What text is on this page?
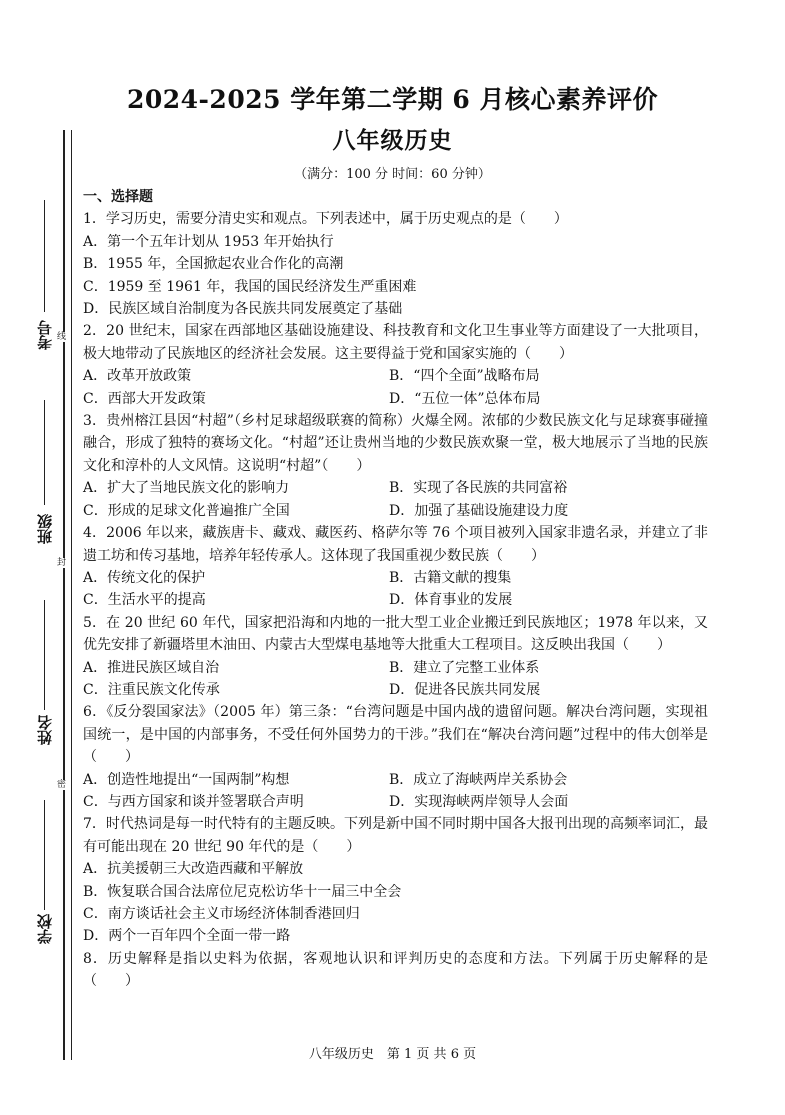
2024-2025 学年第二学期 6 月核心素养评价
八年级历史

（满分：100 分 时间：60 分钟）

考号
班级
姓名
学校
线
封
密

一、选择题

1．学习历史，需要分清史实和观点。下列表述中，属于历史观点的是（　　）

A．第一个五年计划从 1953 年开始执行

B．1955 年，全国掀起农业合作化的高潮

C．1959 至 1961 年，我国的国民经济发生严重困难

D．民族区域自治制度为各民族共同发展奠定了基础

2．20 世纪末，国家在西部地区基础设施建设、科技教育和文化卫生事业等方面建设了一大批项目，极大地带动了民族地区的经济社会发展。这主要得益于党和国家实施的（　　）

A．改革开放政策	B．“四个全面”战略布局

C．西部大开发政策	D．“五位一体”总体布局

3．贵州榕江县因“村超”（乡村足球超级联赛的简称）火爆全网。浓郁的少数民族文化与足球赛事碰撞融合，形成了独特的赛场文化。“村超”还让贵州当地的少数民族欢聚一堂，极大地展示了当地的民族文化和淳朴的人文风情。这说明“村超”（　　）

A．扩大了当地民族文化的影响力	B．实现了各民族的共同富裕

C．形成的足球文化普遍推广全国	D．加强了基础设施建设力度

4．2006 年以来，藏族唐卡、藏戏、藏医药、格萨尔等 76 个项目被列入国家非遗名录，并建立了非遗工坊和传习基地，培养年轻传承人。这体现了我国重视少数民族（　　）

A．传统文化的保护	B．古籍文献的搜集

C．生活水平的提高	D．体育事业的发展

5．在 20 世纪 60 年代，国家把沿海和内地的一批大型工业企业搬迁到民族地区；1978 年以来，又优先安排了新疆塔里木油田、内蒙古大型煤电基地等大批重大工程项目。这反映出我国（　　）

A．推进民族区域自治	B．建立了完整工业体系

C．注重民族文化传承	D．促进各民族共同发展

6．《反分裂国家法》（2005 年）第三条：“台湾问题是中国内战的遗留问题。解决台湾问题，实现祖国统一，是中国的内部事务，不受任何外国势力的干涉。”我们在“解决台湾问题”过程中的伟大创举是（　　）

A．创造性地提出“一国两制”构想	B．成立了海峡两岸关系协会

C．与西方国家和谈并签署联合声明	D．实现海峡两岸领导人会面

7．时代热词是每一时代特有的主题反映。下列是新中国不同时期中国各大报刊出现的高频率词汇，最有可能出现在 20 世纪 90 年代的是（　　）

A．抗美援朝三大改造西藏和平解放

B．恢复联合国合法席位尼克松访华十一届三中全会

C．南方谈话社会主义市场经济体制香港回归

D．两个一百年四个全面一带一路

8．历史解释是指以史料为依据，客观地认识和评判历史的态度和方法。下列属于历史解释的是（　　）

八年级历史　第 1 页 共 6 页
